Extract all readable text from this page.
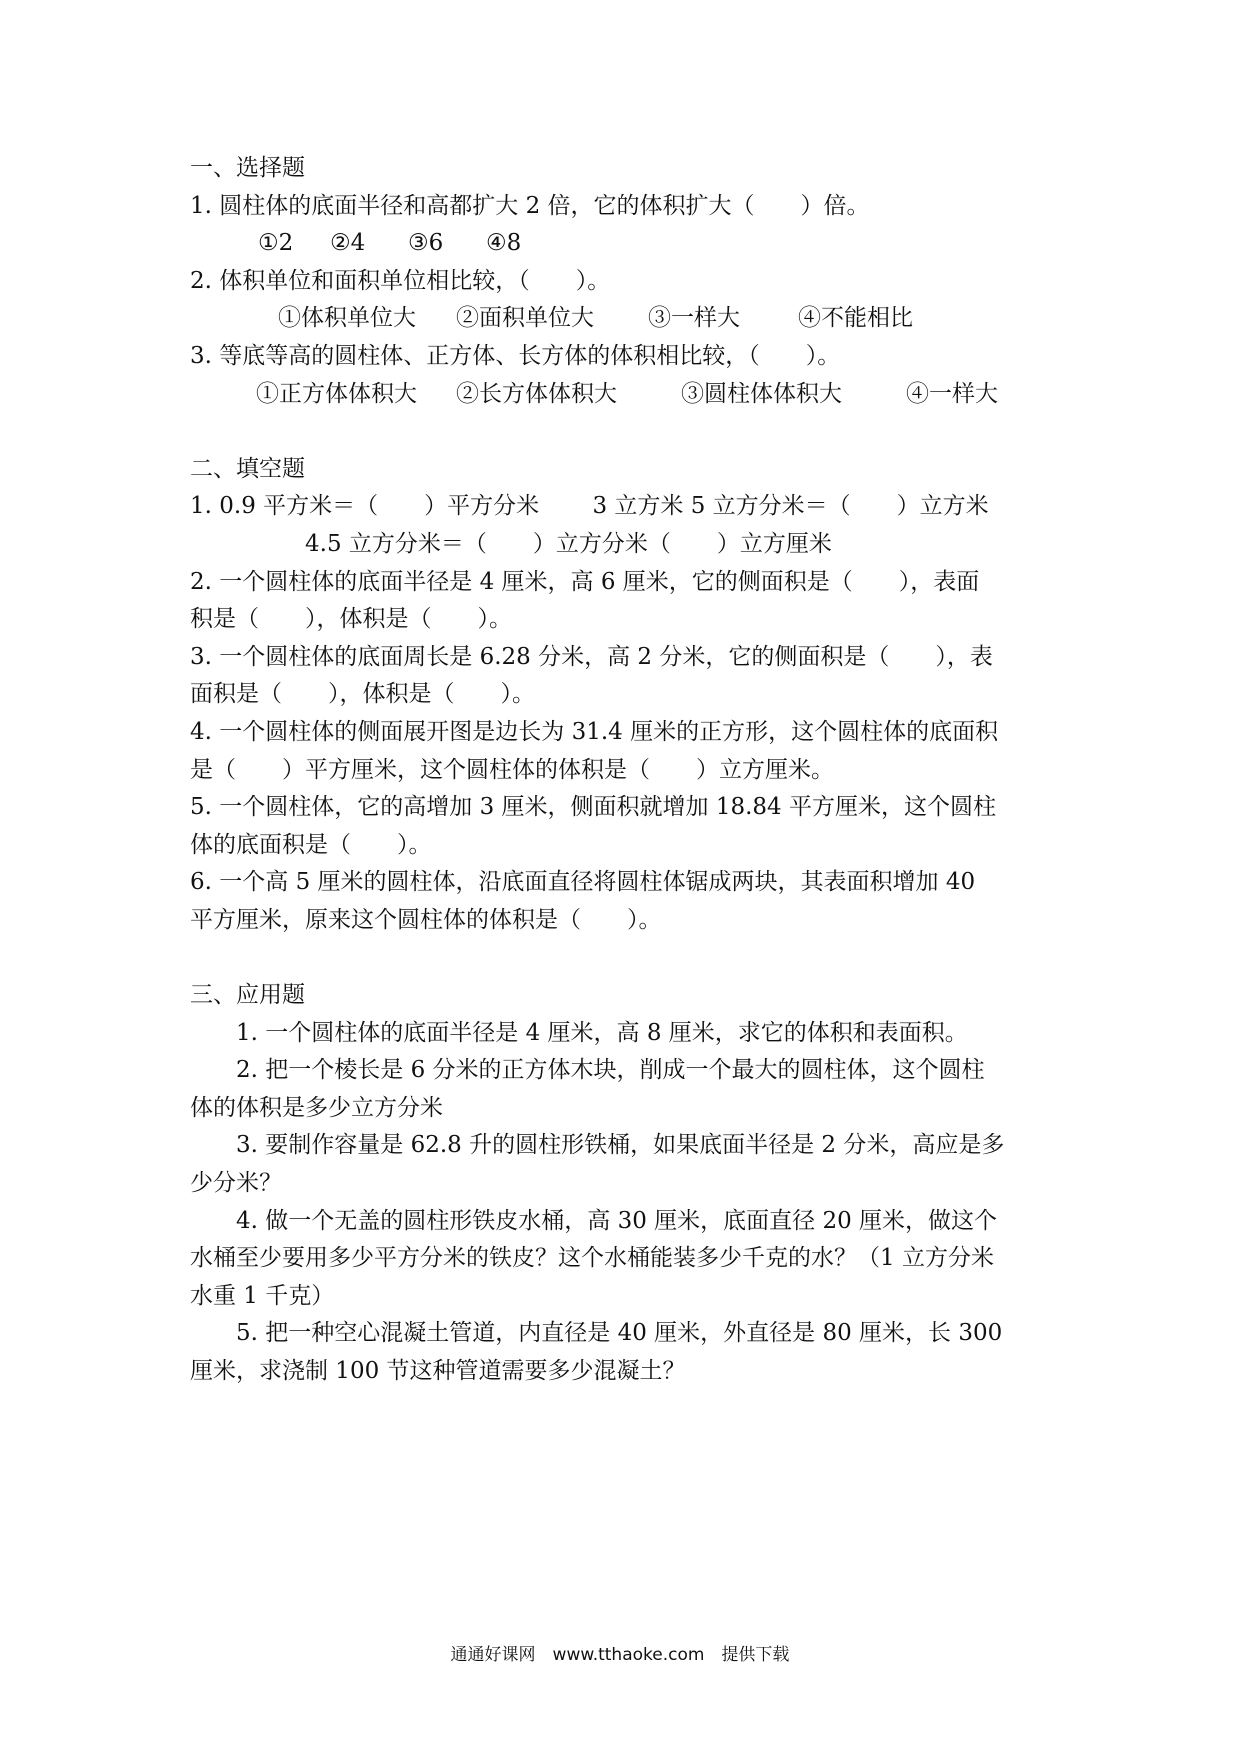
一、选择题
1. 圆柱体的底面半径和高都扩大 2 倍，它的体积扩大（　　）倍。
①2	②4	③6	④8
2. 体积单位和面积单位相比较，（　　）。
①体积单位大	②面积单位大	③一样大	④不能相比
3. 等底等高的圆柱体、正方体、长方体的体积相比较，（　　）。
①正方体体积大	②长方体体积大	③圆柱体体积大	④一样大
二、填空题
1. 0.9 平方米＝（　　）平方分米　　 3 立方米 5 立方分米＝（　　）立方米
4.5 立方分米＝（　　）立方分米（　　）立方厘米
2. 一个圆柱体的底面半径是 4 厘米，高 6 厘米，它的侧面积是（　　），表面
积是（　　），体积是（　　）。
3. 一个圆柱体的底面周长是 6.28 分米，高 2 分米，它的侧面积是（　　），表
面积是（　　），体积是（　　）。
4. 一个圆柱体的侧面展开图是边长为 31.4 厘米的正方形，这个圆柱体的底面积
是（　　）平方厘米，这个圆柱体的体积是（　　）立方厘米。
5. 一个圆柱体，它的高增加 3 厘米，侧面积就增加 18.84 平方厘米，这个圆柱
体的底面积是（　　）。
6. 一个高 5 厘米的圆柱体，沿底面直径将圆柱体锯成两块，其表面积增加 40
平方厘米，原来这个圆柱体的体积是（　　）。
三、应用题
1. 一个圆柱体的底面半径是 4 厘米，高 8 厘米，求它的体积和表面积。
2. 把一个棱长是 6 分米的正方体木块，削成一个最大的圆柱体，这个圆柱
体的体积是多少立方分米
3. 要制作容量是 62.8 升的圆柱形铁桶，如果底面半径是 2 分米，高应是多
少分米？
4. 做一个无盖的圆柱形铁皮水桶，高 30 厘米，底面直径 20 厘米，做这个
水桶至少要用多少平方分米的铁皮？这个水桶能装多少千克的水？（1 立方分米
水重 1 千克）
5. 把一种空心混凝土管道，内直径是 40 厘米，外直径是 80 厘米，长 300
厘米，求浇制 100 节这种管道需要多少混凝土？
通通好课网　www.tthaoke.com　提供下载
